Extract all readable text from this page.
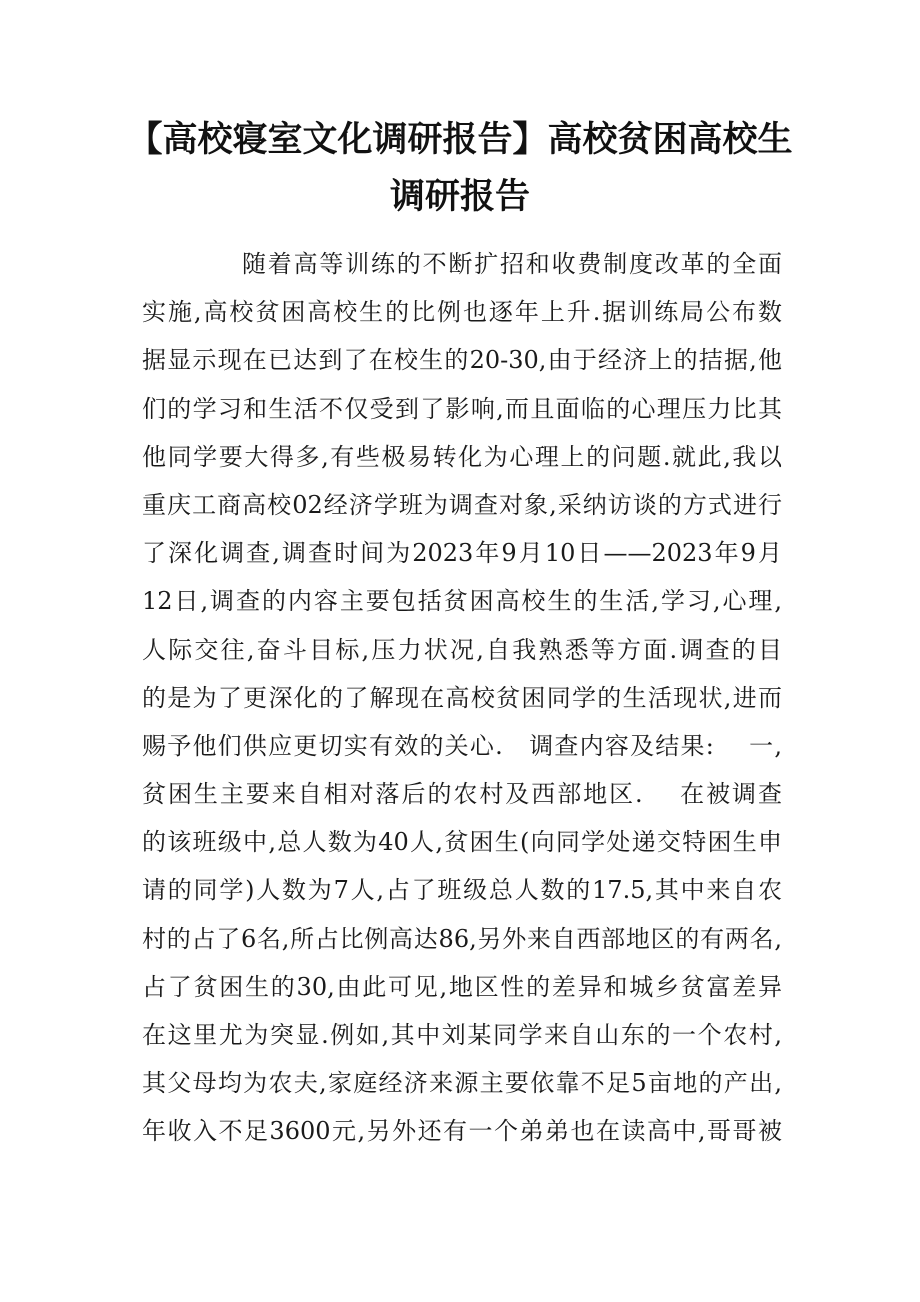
【高校寝室文化调研报告】高校贫困高校生
调研报告
随着高等训练的不断扩招和收费制度改革的全面
实施,高校贫困高校生的比例也逐年上升.据训练局公布数
据显示现在已达到了在校生的20-30,由于经济上的拮据,他
们的学习和生活不仅受到了影响,而且面临的心理压力比其
他同学要大得多,有些极易转化为心理上的问题.就此,我以
重庆工商高校02经济学班为调查对象,采纳访谈的方式进行
了深化调查,调查时间为2023年9月10日——2023年9月
12日,调查的内容主要包括贫困高校生的生活,学习,心理,
人际交往,奋斗目标,压力状况,自我熟悉等方面.调查的目
的是为了更深化的了解现在高校贫困同学的生活现状,进而
赐予他们供应更切实有效的关心.　调查内容及结果:　 一,
贫困生主要来自相对落后的农村及西部地区.　 在被调查
的该班级中,总人数为40人,贫困生(向同学处递交特困生申
请的同学)人数为7人,占了班级总人数的17.5,其中来自农
村的占了6名,所占比例高达86,另外来自西部地区的有两名,
占了贫困生的30,由此可见,地区性的差异和城乡贫富差异
在这里尤为突显.例如,其中刘某同学来自山东的一个农村,
其父母均为农夫,家庭经济来源主要依靠不足5亩地的产出,
年收入不足3600元,另外还有一个弟弟也在读高中,哥哥被
